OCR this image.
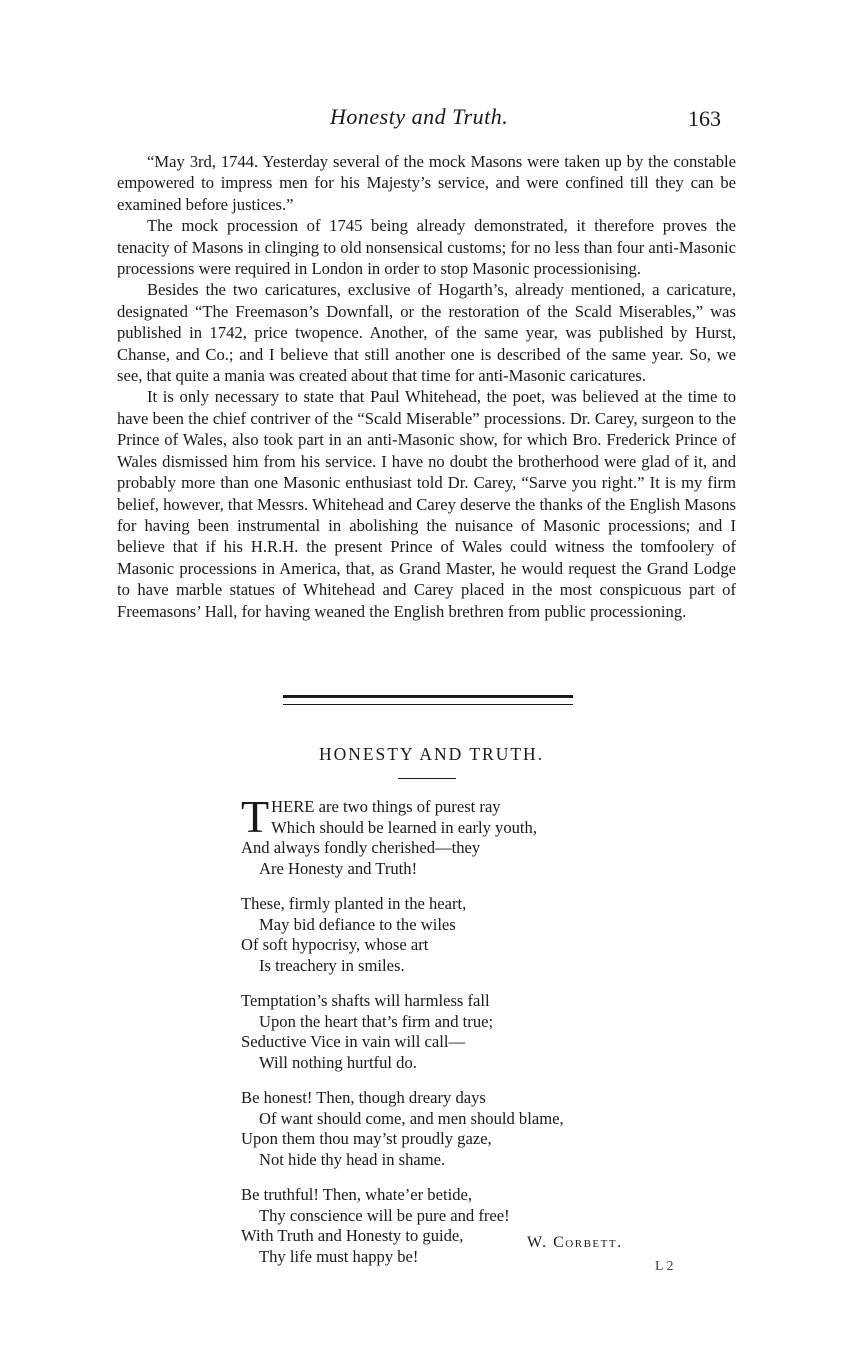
Honesty and Truth.	163

“May 3rd, 1744. Yesterday several of the mock Masons were taken up by the constable empowered to impress men for his Majesty’s service, and were confined till they can be examined before justices.”

The mock procession of 1745 being already demonstrated, it therefore proves the tenacity of Masons in clinging to old nonsensical customs; for no less than four anti-Masonic processions were required in London in order to stop Masonic processionising.

Besides the two caricatures, exclusive of Hogarth’s, already mentioned, a caricature, designated “The Freemason’s Downfall, or the restoration of the Scald Miserables,” was published in 1742, price twopence. Another, of the same year, was published by Hurst, Chanse, and Co.; and I believe that still another one is described of the same year. So, we see, that quite a mania was created about that time for anti-Masonic caricatures.

It is only necessary to state that Paul Whitehead, the poet, was believed at the time to have been the chief contriver of the “Scald Miserable” processions. Dr. Carey, surgeon to the Prince of Wales, also took part in an anti-Masonic show, for which Bro. Frederick Prince of Wales dismissed him from his service. I have no doubt the brotherhood were glad of it, and probably more than one Masonic enthusiast told Dr. Carey, “Sarve you right.” It is my firm belief, however, that Messrs. Whitehead and Carey deserve the thanks of the English Masons for having been instrumental in abolishing the nuisance of Masonic processions; and I believe that if his H.R.H. the present Prince of Wales could witness the tomfoolery of Masonic processions in America, that, as Grand Master, he would request the Grand Lodge to have marble statues of Whitehead and Carey placed in the most conspicuous part of Freemasons’ Hall, for having weaned the English brethren from public processioning.

HONESTY AND TRUTH.
THERE are two things of purest ray
Which should be learned in early youth,
And always fondly cherished—they
Are Honesty and Truth!
These, firmly planted in the heart,
May bid defiance to the wiles
Of soft hypocrisy, whose art
Is treachery in smiles.
Temptation’s shafts will harmless fall
Upon the heart that’s firm and true;
Seductive Vice in vain will call—
Will nothing hurtful do.
Be honest! Then, though dreary days
Of want should come, and men should blame,
Upon them thou may’st proudly gaze,
Not hide thy head in shame.
Be truthful! Then, whate’er betide,
Thy conscience will be pure and free!
With Truth and Honesty to guide,
Thy life must happy be!
W. Corbett.
L 2
